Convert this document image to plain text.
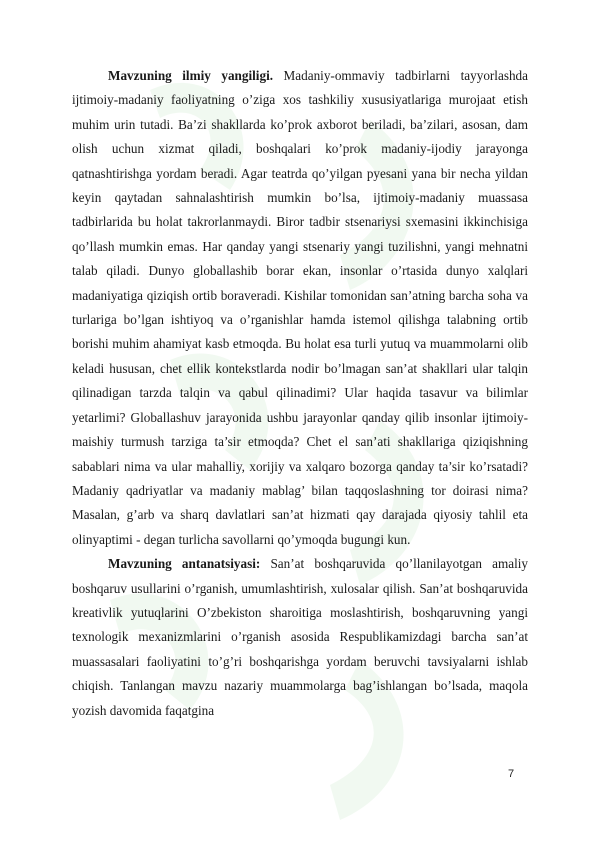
Mavzuning ilmiy yangiligi. Madaniy-ommaviy tadbirlarni tayyorlashda ijtimoiy-madaniy faoliyatning o’ziga xos tashkiliy xususiyatlariga murojaat etish muhim urin tutadi. Ba’zi shakllarda ko’prok axborot beriladi, ba’zilari, asosan, dam olish uchun xizmat qiladi, boshqalari ko’prok madaniy-ijodiy jarayonga qatnashtirishga yordam beradi. Agar teatrda qo’yilgan pyesani yana bir necha yildan keyin qaytadan sahnalashtirish mumkin bo’lsa, ijtimoiy-madaniy muassasa tadbirlarida bu holat takrorlanmaydi. Biror tadbir stsenariysi sxemasini ikkinchisiga qo’llash mumkin emas. Har qanday yangi stsenariy yangi tuzilishni, yangi mehnatni talab qiladi. Dunyo globallashib borar ekan, insonlar o’rtasida dunyo xalqlari madaniyatiga qiziqish ortib boraveradi. Kishilar tomonidan san’atning barcha soha va turlariga bo’lgan ishtiyoq va o’rganishlar hamda istemol qilishga talabning ortib borishi muhim ahamiyat kasb etmoqda. Bu holat esa turli yutuq va muammolarni olib keladi hususan, chet ellik kontekstlarda nodir bo’lmagan san’at shakllari ular talqin qilinadigan tarzda talqin va qabul qilinadimi? Ular haqida tasavur va bilimlar yetarlimi? Globallashuv jarayonida ushbu jarayonlar qanday qilib insonlar ijtimoiy-maishiy turmush tarziga ta’sir etmoqda? Chet el san’ati shakllariga qiziqishning sabablari nima va ular mahalliy, xorijiy va xalqaro bozorga qanday ta’sir ko’rsatadi? Madaniy qadriyatlar va madaniy mablag’ bilan taqqoslashning tor doirasi nima? Masalan, g’arb va sharq davlatlari san’at hizmati qay darajada qiyosiy tahlil eta olinyaptimi - degan turlicha savollarni qo’ymoqda bugungi kun.

Mavzuning antanatsiyasi: San’at boshqaruvida qo’llanilayotgan amaliy boshqaruv usullarini o’rganish, umumlashtirish, xulosalar qilish. San’at boshqaruvida kreativlik yutuqlarini O’zbekiston sharoitiga moslashtirish, boshqaruvning yangi texnologik mexanizmlarini o’rganish asosida Respublikamizdagi barcha san’at muassasalari faoliyatini to’g’ri boshqarishga yordam beruvchi tavsiyalarni ishlab chiqish. Tanlangan mavzu nazariy muammolarga bag’ishlangan bo’lsada, maqola yozish davomida faqatgina

7
